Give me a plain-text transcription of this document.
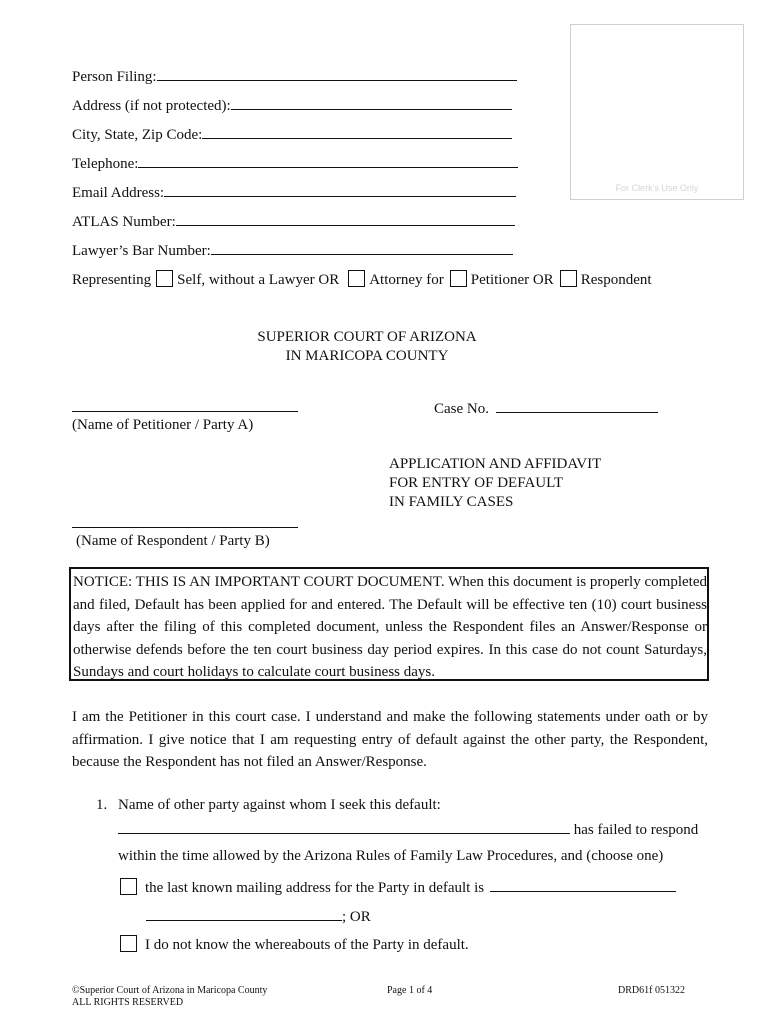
For Clerk’s Use Only
Person Filing:
Address (if not protected):
City, State, Zip Code:
Telephone:
Email Address:
ATLAS Number:
Lawyer’s Bar Number:
Representing Self, without a Lawyer OR Attorney for Petitioner OR Respondent
SUPERIOR COURT OF ARIZONA
IN MARICOPA COUNTY
(Name of Petitioner / Party A)
Case No.
APPLICATION AND AFFIDAVIT
FOR ENTRY OF DEFAULT
IN FAMILY CASES
(Name of Respondent / Party B)
NOTICE: THIS IS AN IMPORTANT COURT DOCUMENT. When this document is properly completed and filed, Default has been applied for and entered. The Default will be effective ten (10) court business days after the filing of this completed document, unless the Respondent files an Answer/Response or otherwise defends before the ten court business day period expires. In this case do not count Saturdays, Sundays and court holidays to calculate court business days.
I am the Petitioner in this court case. I understand and make the following statements under oath or by affirmation. I give notice that I am requesting entry of default against the other party, the Respondent, because the Respondent has not filed an Answer/Response.
1. Name of other party against whom I seek this default:
has failed to respond
within the time allowed by the Arizona Rules of Family Law Procedures, and (choose one)
the last known mailing address for the Party in default is
; OR
I do not know the whereabouts of the Party in default.
©Superior Court of Arizona in Maricopa County
ALL RIGHTS RESERVED
Page 1 of 4	DRD61f 051322
